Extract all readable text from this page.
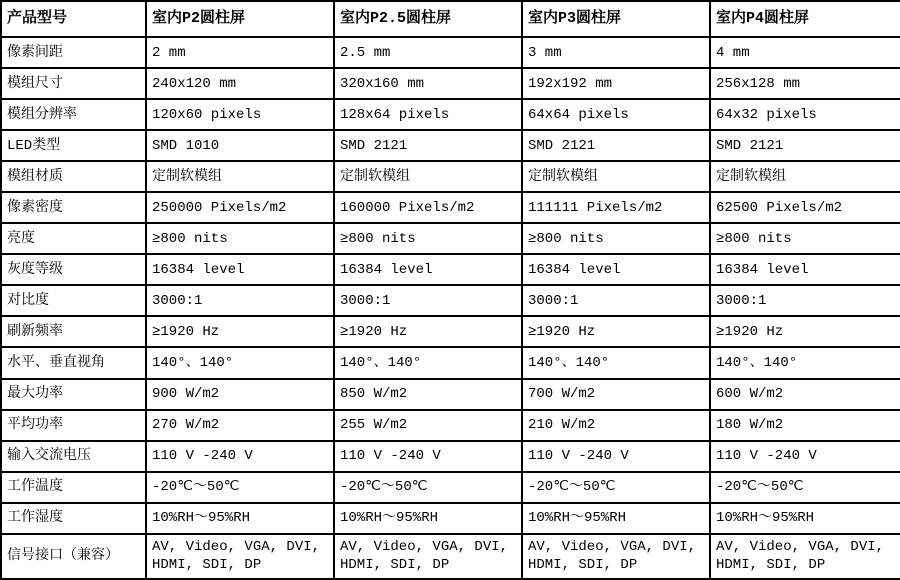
产品型号	室内P2圆柱屏	室内P2.5圆柱屏	室内P3圆柱屏	室内P4圆柱屏
像素间距	2 mm	2.5 mm	3 mm	4 mm
模组尺寸	240x120 mm	320x160 mm	192x192 mm	256x128 mm
模组分辨率	120x60 pixels	128x64 pixels	64x64 pixels	64x32 pixels
LED类型	SMD 1010	SMD 2121	SMD 2121	SMD 2121
模组材质	定制软模组	定制软模组	定制软模组	定制软模组
像素密度	250000 Pixels/m2	160000 Pixels/m2	111111 Pixels/m2	62500 Pixels/m2
亮度	≥800 nits	≥800 nits	≥800 nits	≥800 nits
灰度等级	16384 level	16384 level	16384 level	16384 level
对比度	3000:1	3000:1	3000:1	3000:1
刷新频率	≥1920 Hz	≥1920 Hz	≥1920 Hz	≥1920 Hz
水平、垂直视角	140°、140°	140°、140°	140°、140°	140°、140°
最大功率	900 W/m2	850 W/m2	700 W/m2	600 W/m2
平均功率	270 W/m2	255 W/m2	210 W/m2	180 W/m2
输入交流电压	110 V -240 V	110 V -240 V	110 V -240 V	110 V -240 V
工作温度	-20℃～50℃	-20℃～50℃	-20℃～50℃	-20℃～50℃
工作湿度	10%RH～95%RH	10%RH～95%RH	10%RH～95%RH	10%RH～95%RH
信号接口（兼容）	AV, Video, VGA, DVI, HDMI, SDI, DP	AV, Video, VGA, DVI, HDMI, SDI, DP	AV, Video, VGA, DVI, HDMI, SDI, DP	AV, Video, VGA, DVI, HDMI, SDI, DP
